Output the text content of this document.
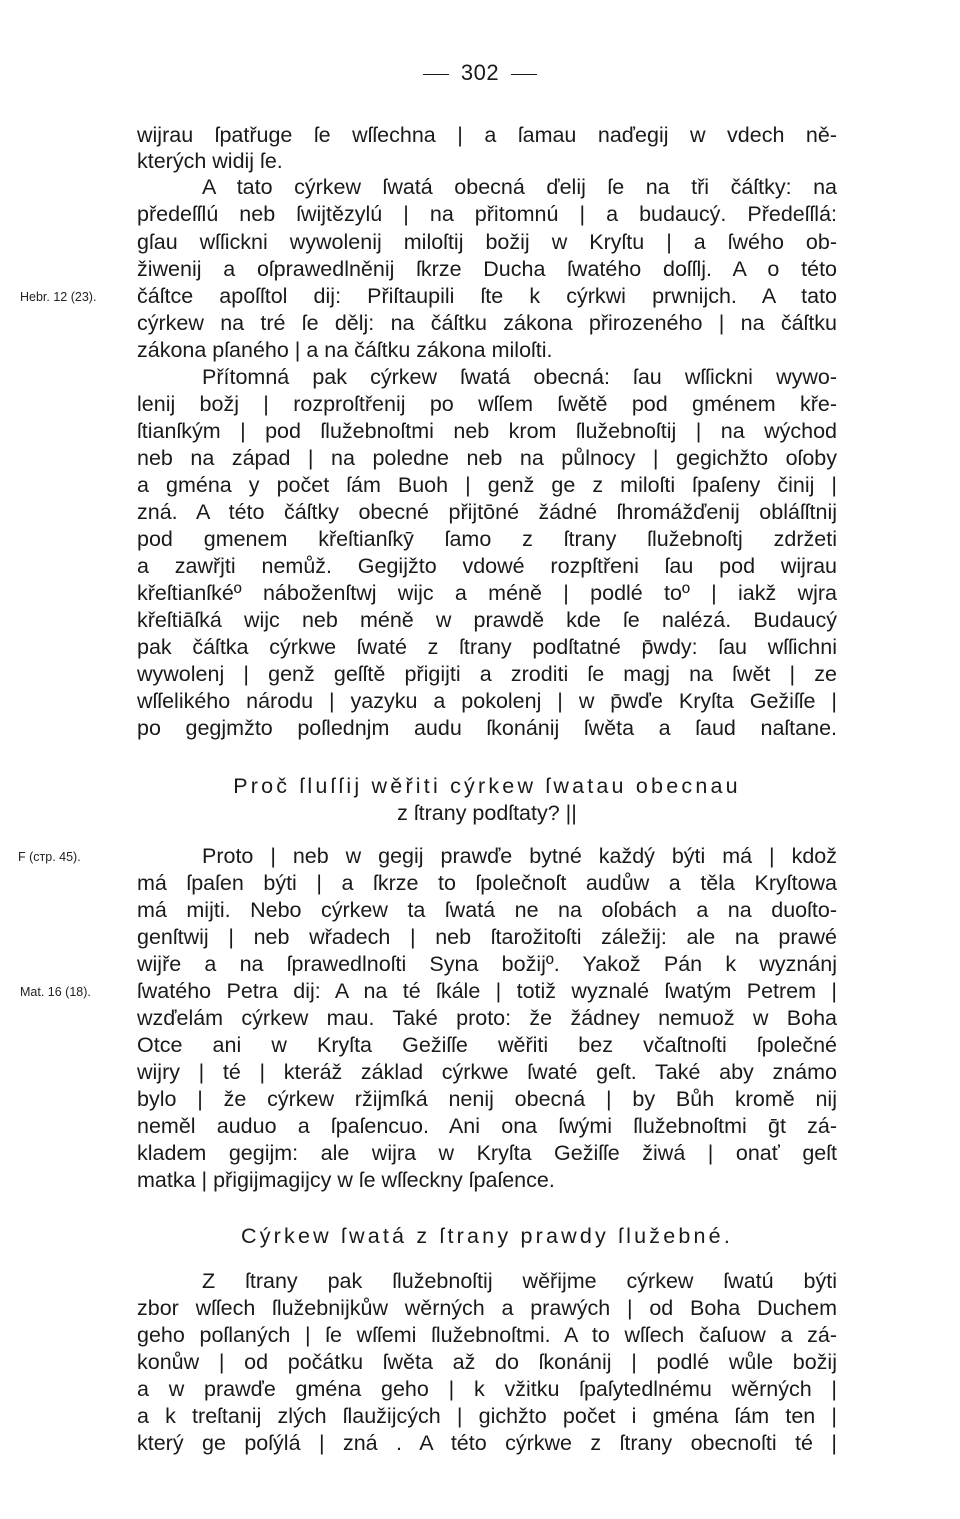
302
wijrau ſpatřuge ſe wſſechna | a ſamau naďegij w vdech ně-
kterých widij ſe.
A tato cýrkew ſwatá obecná ďelij ſe na tři čáſtky: na
předeſſlú neb ſwijtězylú | na přitomnú | a budaucý. Předeſſlá:
gſau wſſickni wywolenij miloſtij božij w Kryſtu | a ſwého ob-
žiwenij a oſprawedlněnij ſkrze Ducha ſwatého doſſlj. A o této
Hebr. 12 (23). čáſtce apoſſtol dij: Přiſtaupili ſte k cýrkwi prwnijch. A tato
cýrkew na tré ſe dělj: na čáſtku zákona přirozeného | na čáſtku
zákona pſaného | a na čáſtku zákona miloſti.
Přítomná pak cýrkew ſwatá obecná: ſau wſſickni wywo-
lenij božj | rozproſtřenij po wſſem ſwětě pod gménem kře-
ſtianſkým | pod ſlužebnoſtmi neb krom ſlužebnoſtij | na wýchod
neb na západ | na poledne neb na půlnocy | gegichžto oſoby
a gména y počet ſám Buoh | genž ge z miloſti ſpaſeny činij |
zná. A této čáſtky obecné přijtōné žádné ſhromážďenij obláſſtnij
pod gmenem křeſtianſkȳ ſamo z ſtrany ſlužebnoſtj zdržeti
a zawřjti nemůž. Gegijžto vdowé rozpſtřeni ſau pod wijrau
křeſtianſkéº náboženſtwj wijc a méně | podlé toº | iakž wjra
křeſtiāſká wijc neb méně w prawdě kde ſe nalézá. Budaucý
pak čáſtka cýrkwe ſwaté z ſtrany podſtatné p̄wdy: ſau wſſichni
wywolenj | genž geſſtě přigijti a zroditi ſe magj na ſwět | ze
wſſelikého národu | yazyku a pokolenj | w p̄wďe Kryſta Gežiſſe |
po gegjmžto poſlednjm audu ſkonánij ſwěta a ſaud naſtane.
Proč ſluſſij wěřiti cýrkew ſwatau obecnau
z ſtrany podſtaty? ||
F (стр. 45).	Proto | neb w gegij prawďe bytné každý býti má | kdož
má ſpaſen býti | a ſkrze to ſpolečnoſt audůw a těla Kryſtowa
má mijti. Nebo cýrkew ta ſwatá ne na oſobách a na duoſto-
genſtwij | neb wřadech | neb ſtarožitoſti záležij: ale na prawé
wijře a na ſprawedlnoſti Syna božijº. Yakož Pán k wyznánj
Mat. 16 (18). ſwatého Petra dij: A na té ſkále | totiž wyznalé ſwatým Petrem |
wzďelám cýrkew mau. Také proto: že žádney nemuož w Boha
Otce ani w Kryſta Gežiſſe wěřiti bez včaſtnoſti ſpolečné
wijry | té | kteráž základ cýrkwe ſwaté geſt. Také aby známo
bylo | že cýrkew ržijmſká nenij obecná | by Bůh kromě nij
neměl auduo a ſpaſencuo. Ani ona ſwými ſlužebnoſtmi ḡt zá-
kladem gegijm: ale wijra w Kryſta Gežiſſe žiwá | onať geſt
matka | přigijmagijcy w ſe wſſeckny ſpaſence.
Cýrkew ſwatá z ſtrany prawdy ſlužebné.
Z ſtrany pak ſlužebnoſtij wěřijme cýrkew ſwatú býti
zbor wſſech ſlužebnijkůw wěrných a prawých | od Boha Duchem
geho poſlaných | ſe wſſemi ſlužebnoſtmi. A to wſſech čaſuow a zá-
konůw | od počátku ſwěta až do ſkonánij | podlé wůle božij
a w prawďe gména geho | k vžitku ſpaſytedlnému wěrných |
a k treſtanij zlých ſlaužijcých | gichžto počet i gména ſám ten |
který ge poſýlá | zná . A této cýrkwe z ſtrany obecnoſti té |
